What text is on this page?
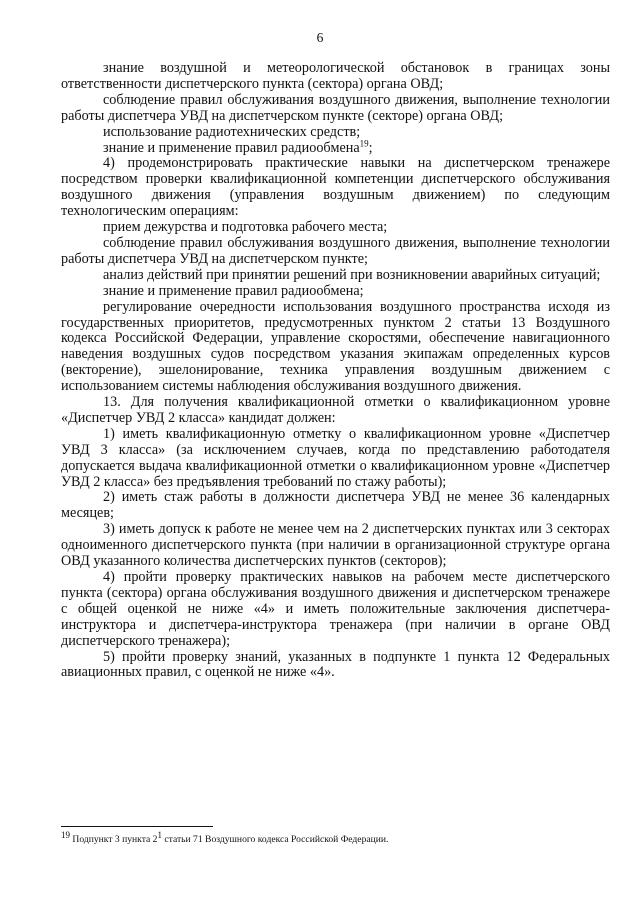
6

знание воздушной и метеорологической обстановок в границах зоны ответственности диспетчерского пункта (сектора) органа ОВД;

соблюдение правил обслуживания воздушного движения, выполнение технологии работы диспетчера УВД на диспетчерском пункте (секторе) органа ОВД;

использование радиотехнических средств;

знание и применение правил радиообмена$^{19}$;

4) продемонстрировать практические навыки на диспетчерском тренажере посредством проверки квалификационной компетенции диспетчерского обслуживания воздушного движения (управления воздушным движением) по следующим технологическим операциям:

прием дежурства и подготовка рабочего места;

соблюдение правил обслуживания воздушного движения, выполнение технологии работы диспетчера УВД на диспетчерском пункте;

анализ действий при принятии решений при возникновении аварийных ситуаций;

знание и применение правил радиообмена;

регулирование очередности использования воздушного пространства исходя из государственных приоритетов, предусмотренных пунктом 2 статьи 13 Воздушного кодекса Российской Федерации, управление скоростями, обеспечение навигационного наведения воздушных судов посредством указания экипажам определенных курсов (векторение), эшелонирование, техника управления воздушным движением с использованием системы наблюдения обслуживания воздушного движения.

13. Для получения квалификационной отметки о квалификационном уровне «Диспетчер УВД 2 класса» кандидат должен:

1) иметь квалификационную отметку о квалификационном уровне «Диспетчер УВД 3 класса» (за исключением случаев, когда по представлению работодателя допускается выдача квалификационной отметки о квалификационном уровне «Диспетчер УВД 2 класса» без предъявления требований по стажу работы);

2) иметь стаж работы в должности диспетчера УВД не менее 36 календарных месяцев;

3) иметь допуск к работе не менее чем на 2 диспетчерских пунктах или 3 секторах одноименного диспетчерского пункта (при наличии в организационной структуре органа ОВД указанного количества диспетчерских пунктов (секторов);

4) пройти проверку практических навыков на рабочем месте диспетчерского пункта (сектора) органа обслуживания воздушного движения и диспетчерском тренажере с общей оценкой не ниже «4» и иметь положительные заключения диспетчера-инструктора и диспетчера-инструктора тренажера (при наличии в органе ОВД диспетчерского тренажера);

5) пройти проверку знаний, указанных в подпункте 1 пункта 12 Федеральных авиационных правил, с оценкой не ниже «4».

$^{19}$ Подпункт 3 пункта $2^1$ статьи 71 Воздушного кодекса Российской Федерации.
